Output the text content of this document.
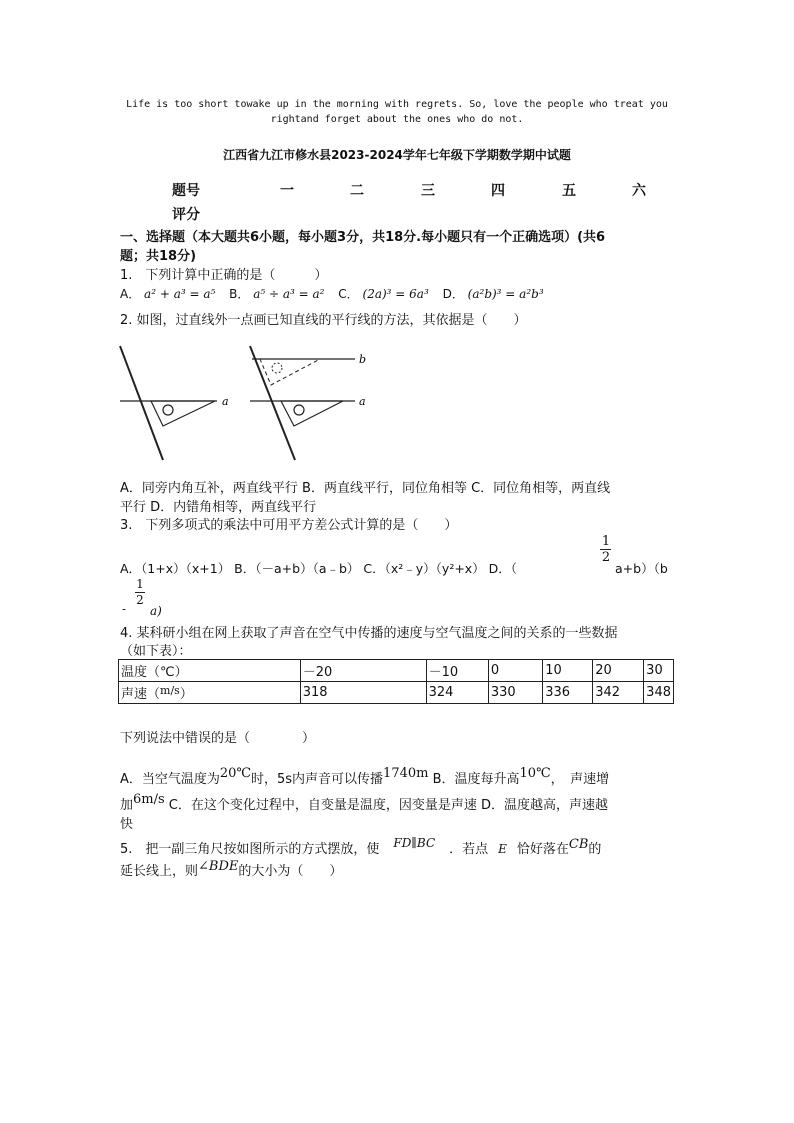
Life is too short towake up in the morning with regrets. So, love the people who treat you
rightand forget about the ones who do not.
江西省九江市修水县2023-2024学年七年级下学期数学期中试题
题号	一	二	三	四	五	六
评分
一、选择题（本大题共6小题，每小题3分，共18分.每小题只有一个正确选项）(共6
题；共18分)
1.　下列计算中正确的是（　　　）
A． a² + a³ = a⁵ B． a⁵ ÷ a³ = a² C． (2a)³ = 6a³ D． (a²b)³ = a²b³
2. 如图，过直线外一点画已知直线的平行线的方法，其依据是（　　）
a
b
a
A．同旁内角互补，两直线平行 B．两直线平行，同位角相等 C．同位角相等，两直线
平行 D．内错角相等，两直线平行
3.　下列多项式的乘法中可用平方差公式计算的是（　　）
1
2
A．（1+x）（x+1） B．（－a+b）（a﹣b） C．（x²﹣y）（y²+x） D．（	a+b）（b
-
1
2
a)
4. 某科研小组在网上获取了声音在空气中传播的速度与空气温度之间的关系的一些数据
（如下表）：
温度（℃）	－20	－10	0	10	20	30
声速（$^{m/s}$）	318	324	330	336	342	348
下列说法中错误的是（　　　　）
A．当空气温度为20℃时，5s内声音可以传播1740m B．温度每升高10℃，　声速增
加6m/s C．在这个变化过程中，自变量是温度，因变量是声速 D．温度越高，声速越
快
5.　把一副三角尺按如图所示的方式摆放，使 FD∥BC ．若点 E 恰好落在CB的
延长线上，则∠BDE的大小为（　　）
